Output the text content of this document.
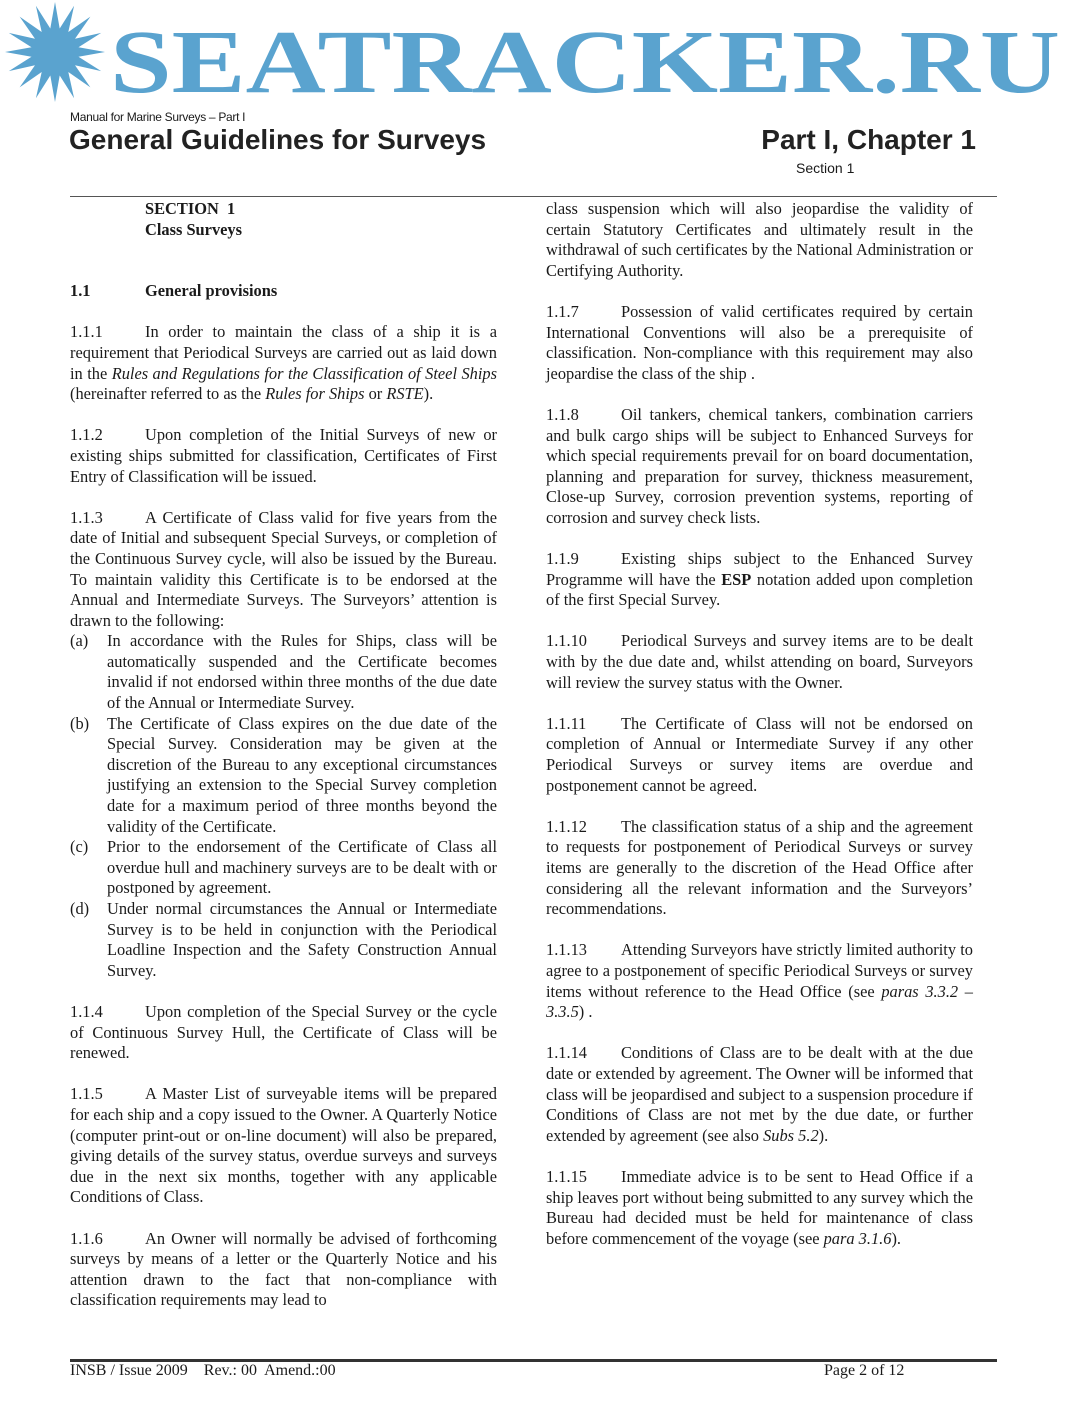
SEATRACKER.RU
Manual for Marine Surveys – Part I
General Guidelines for Surveys	Part I, Chapter 1
Section 1
SECTION  1
Class Surveys
1.1	General provisions
1.1.1	In order to maintain the class of a ship it is a requirement that Periodical Surveys are carried out as laid down in the Rules and Regulations for the Classification of Steel Ships (hereinafter referred to as the Rules for Ships or RSTE).
1.1.2	Upon completion of the Initial Surveys of new or existing ships submitted for classification, Certificates of First Entry of Classification will be issued.
1.1.3	A Certificate of Class valid for five years from the date of Initial and subsequent Special Surveys, or completion of the Continuous Survey cycle, will also be issued by the Bureau. To maintain validity this Certificate is to be endorsed at the Annual and Intermediate Surveys. The Surveyors’ attention is drawn to the following:
(a)	In accordance with the Rules for Ships, class will be automatically suspended and the Certificate becomes invalid if not endorsed within three months of the due date of the Annual or Intermediate Survey.
(b)	The Certificate of Class expires on the due date of the Special Survey. Consideration may be given at the discretion of the Bureau to any exceptional circumstances justifying an extension to the Special Survey completion date for a maximum period of three months beyond the validity of the Certificate.
(c)	Prior to the endorsement of the Certificate of Class all overdue hull and machinery surveys are to be dealt with or postponed by agreement.
(d)	Under normal circumstances the Annual or Intermediate Survey is to be held in conjunction with the Periodical Loadline Inspection and the Safety Construction Annual Survey.
1.1.4	Upon completion of the Special Survey or the cycle of Continuous Survey Hull, the Certificate of Class will be renewed.
1.1.5	A Master List of surveyable items will be prepared for each ship and a copy issued to the Owner. A Quarterly Notice (computer print-out or on-line document) will also be prepared, giving details of the survey status, overdue surveys and surveys due in the next six months, together with any applicable Conditions of Class.
1.1.6	An Owner will normally be advised of forthcoming surveys by means of a letter or the Quarterly Notice and his attention drawn to the fact that non-compliance with classification requirements may lead to
class suspension which will also jeopardise the validity of certain Statutory Certificates and ultimately result in the withdrawal of such certificates by the National Administration or Certifying Authority.
1.1.7	Possession of valid certificates required by certain International Conventions will also be a prerequisite of classification. Non-compliance with this requirement may also jeopardise the class of the ship .
1.1.8	Oil tankers, chemical tankers, combination carriers and bulk cargo ships will be subject to Enhanced Surveys for which special requirements prevail for on board documentation, planning and preparation for survey, thickness measurement, Close-up Survey, corrosion prevention systems, reporting of corrosion and survey check lists.
1.1.9	Existing ships subject to the Enhanced Survey Programme will have the ESP notation added upon completion of the first Special Survey.
1.1.10 Periodical Surveys and survey items are to be dealt with by the due date and, whilst attending on board, Surveyors will review the survey status with the Owner.
1.1.11 The Certificate of Class will not be endorsed on completion of Annual or Intermediate Survey if any other Periodical Surveys or survey items are overdue and postponement cannot be agreed.
1.1.12 The classification status of a ship and the agreement to requests for postponement of Periodical Surveys or survey items are generally to the discretion of the Head Office after considering all the relevant information and the Surveyors’ recommendations.
1.1.13 Attending Surveyors have strictly limited authority to agree to a postponement of specific Periodical Surveys or survey items without reference to the Head Office (see paras 3.3.2 – 3.3.5) .
1.1.14 Conditions of Class are to be dealt with at the due date or extended by agreement. The Owner will be informed that class will be jeopardised and subject to a suspension procedure if Conditions of Class are not met by the due date, or further extended by agreement (see also Subs 5.2).
1.1.15 Immediate advice is to be sent to Head Office if a ship leaves port without being submitted to any survey which the Bureau had decided must be held for maintenance of class before commencement of the voyage (see para 3.1.6).
INSB / Issue 2009    Rev.: 00  Amend.:00	Page 2 of 12
